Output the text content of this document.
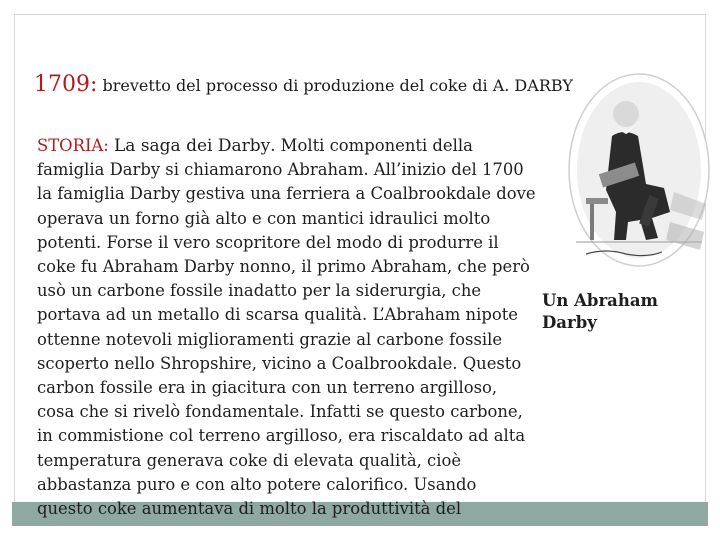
1709: brevetto del processo di produzione del coke di A. DARBY

STORIA: La saga dei Darby. Molti componenti della famiglia Darby si chiamarono Abraham. All’inizio del 1700 la famiglia Darby gestiva una ferriera a Coalbrookdale dove operava un forno già alto e con mantici idraulici molto potenti. Forse il vero scopritore del modo di produrre il coke fu Abraham Darby nonno, il primo Abraham, che però usò un carbone fossile inadatto per la siderurgia, che portava ad un metallo di scarsa qualità. L’Abraham nipote ottenne notevoli miglioramenti grazie al carbone fossile scoperto nello Shropshire, vicino a Coalbrookdale. Questo carbon fossile era in giacitura con un terreno argilloso, cosa che si rivelò fondamentale. Infatti se questo carbone, in commistione col terreno argilloso, era riscaldato ad alta temperatura generava coke di elevata qualità, cioè abbastanza puro e con alto potere calorifico. Usando questo coke aumentava di molto la produttività del

Un Abraham
Darby
